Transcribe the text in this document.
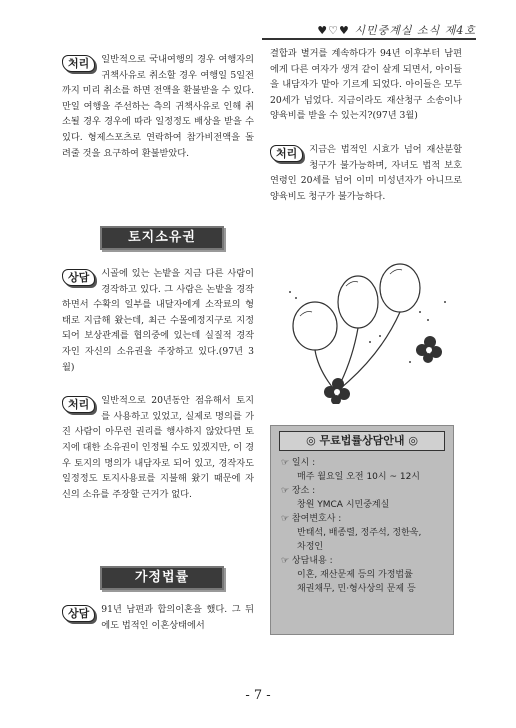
♥♡♥ 시민중계실 소식 제4호

처리	일반적으로 국내여행의 경우 여행자의 귀책사유로 취소할 경우 여행일 5일전까지 미리 취소를 하면 전액을 환불받을 수 있다. 만일 여행을 주선하는 측의 귀책사유로 인해 취소될 경우 경우에 따라 일정정도 배상을 받을 수 있다. 형제스포츠로 연락하여 참가비전액을 돌려줄 것을 요구하여 환불받았다.

토지소유권

상담	시골에 있는 논밭을 지금 다른 사람이 경작하고 있다. 그 사람은 논밭을 경작하면서 수확의 일부를 내달자에게 소작료의 형태로 지급해 왔는데, 최근 수몰예정지구로 지정되어 보상관계를 협의중에 있는데 실질적 경작자인 자신의 소유권을 주장하고 있다.(97년 3월)

처리	일반적으로 20년동안 점유해서 토지를 사용하고 있었고, 실제로 명의를 가진 사람이 아무런 권리를 행사하지 않았다면 토지에 대한 소유권이 인정될 수도 있겠지만, 이 경우 토지의 명의가 내담자로 되어 있고, 경작자도 일정정도 토지사용료를 지불해 왔기 때문에 자신의 소유를 주장할 근거가 없다.

가정법률

상담	91년 남편과 합의이혼을 했다. 그 뒤에도 법적인 이혼상태에서

결합과 별거를 계속하다가 94년 이후부터 남편에게 다른 여자가 생겨 같이 살게 되면서, 아이들을 내담자가 맡아 기르게 되었다. 아이들은 모두 20세가 넘었다. 지금이라도 재산청구 소송이나 양육비를 받을 수 있는지?(97년 3월)

처리	지금은 법적인 시효가 넘어 재산분할 청구가 불가능하며, 자녀도 법적 보호연령인 20세를 넘어 이미 미성년자가 아니므로 양육비도 청구가 불가능하다.

◎ 무료법률상담안내 ◎
☞ 일시 :
매주 월요일 오전 10시 ~ 12시
☞ 장소 :
창원 YMCA 시민중계실
☞ 참여변호사 :
반태석, 배종렬, 정주석, 정한욱,
차정인
☞ 상담내용 :
이혼, 재산문제 등의 가정법률
채권채무, 민·형사상의 문제 등
- 7 -
